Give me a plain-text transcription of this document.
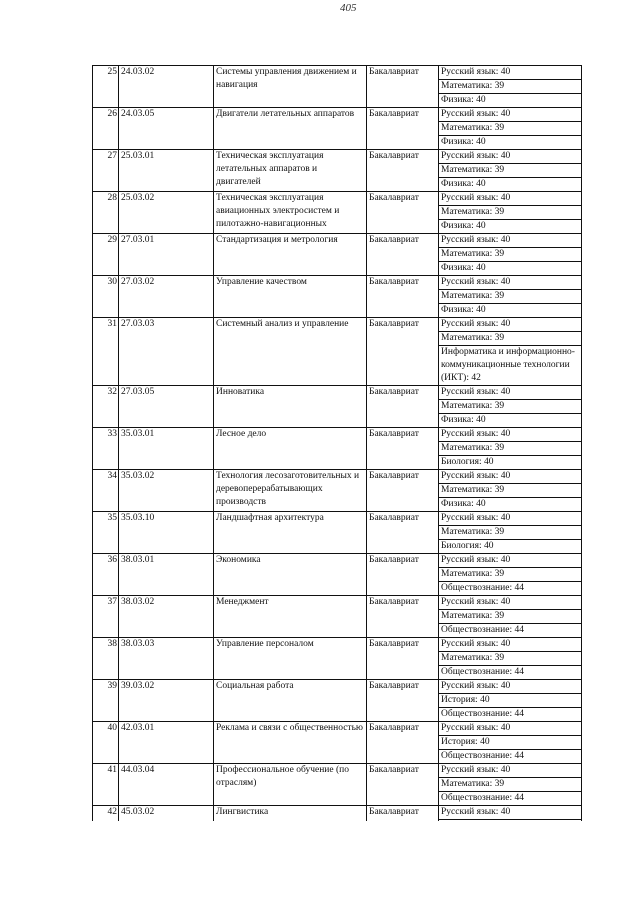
405
25	24.03.02	Системы управления движением и навигация	Бакалавриат	Русский язык: 40
				Математика: 39
				Физика: 40
26	24.03.05	Двигатели летательных аппаратов	Бакалавриат	Русский язык: 40
				Математика: 39
				Физика: 40
27	25.03.01	Техническая эксплуатация летательных аппаратов и двигателей	Бакалавриат	Русский язык: 40
				Математика: 39
				Физика: 40
28	25.03.02	Техническая эксплуатация авиационных электросистем и пилотажно-навигационных	Бакалавриат	Русский язык: 40
				Математика: 39
				Физика: 40
29	27.03.01	Стандартизация и метрология	Бакалавриат	Русский язык: 40
				Математика: 39
				Физика: 40
30	27.03.02	Управление качеством	Бакалавриат	Русский язык: 40
				Математика: 39
				Физика: 40
31	27.03.03	Системный анализ и управление	Бакалавриат	Русский язык: 40
				Математика: 39
				Информатика и информационно-коммуникационные технологии (ИКТ): 42
32	27.03.05	Инноватика	Бакалавриат	Русский язык: 40
				Математика: 39
				Физика: 40
33	35.03.01	Лесное дело	Бакалавриат	Русский язык: 40
				Математика: 39
				Биология: 40
34	35.03.02	Технология лесозаготовительных и деревоперерабатывающих производств	Бакалавриат	Русский язык: 40
				Математика: 39
				Физика: 40
35	35.03.10	Ландшафтная архитектура	Бакалавриат	Русский язык: 40
				Математика: 39
				Биология: 40
36	38.03.01	Экономика	Бакалавриат	Русский язык: 40
				Математика: 39
				Обществознание: 44
37	38.03.02	Менеджмент	Бакалавриат	Русский язык: 40
				Математика: 39
				Обществознание: 44
38	38.03.03	Управление персоналом	Бакалавриат	Русский язык: 40
				Математика: 39
				Обществознание: 44
39	39.03.02	Социальная работа	Бакалавриат	Русский язык: 40
				История: 40
				Обществознание: 44
40	42.03.01	Реклама и связи с общественностью	Бакалавриат	Русский язык: 40
				История: 40
				Обществознание: 44
41	44.03.04	Профессиональное обучение (по отраслям)	Бакалавриат	Русский язык: 40
				Математика: 39
				Обществознание: 44
42	45.03.02	Лингвистика	Бакалавриат	Русский язык: 40
